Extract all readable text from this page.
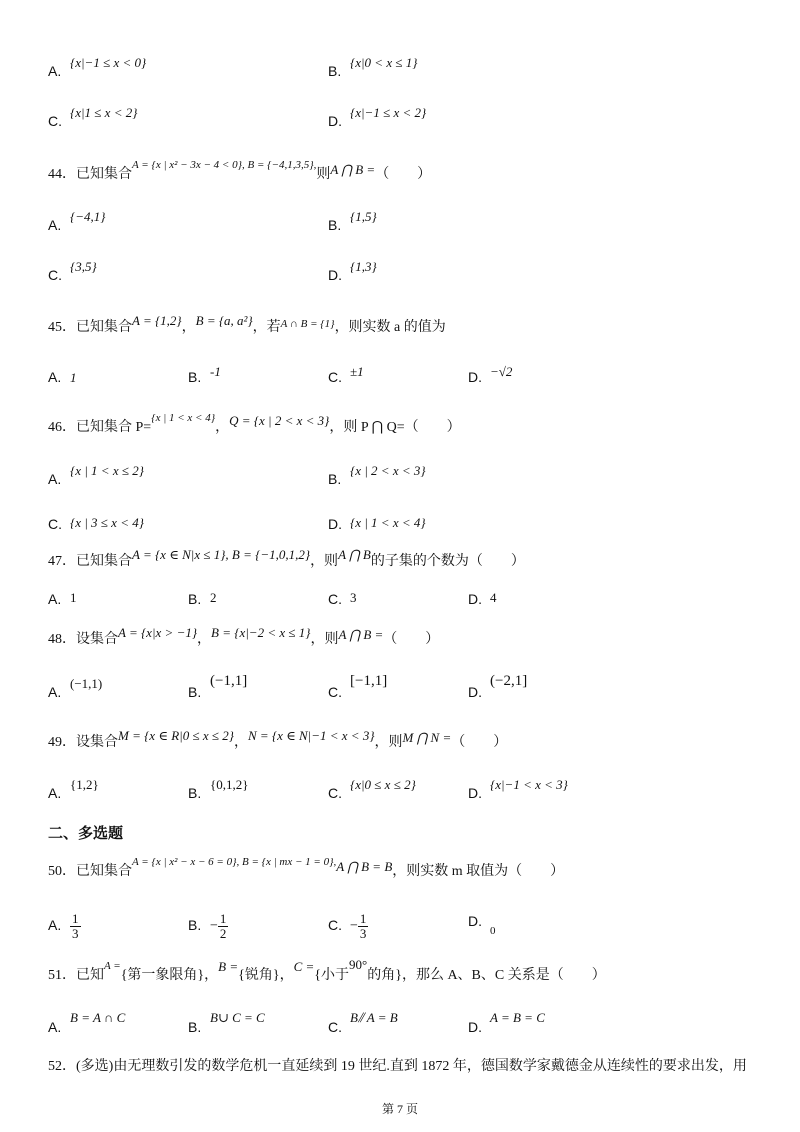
A.{x|−1 ≤ x < 0}
B.{x|0 < x ≤ 1}
C.{x|1 ≤ x < 2}
D.{x|−1 ≤ x < 2}
44．已知集合$^{A = \{x | x^2 - 3x - 4 < 0\}, B = \{-4,1,3,5\},}$则A ⋂ B =（　　）
A.{−4,1}
B.{1,5}
C.{3,5}
D.{1,3}
45．已知集合A = {1,2}，B = {a, a²}，若$^{A \cap B = \{1\}}$，则实数 a 的值为
A. 1	B. -1	C. ±1	D. −√2
46．已知集合 P=$^{\{x | 1 < x < 4\}}$，Q = {x | 2 < x < 3}，则 P ⋂ Q=（　　）
A.{x | 1 < x ≤ 2}
B.{x | 2 < x < 3}
C. {x | 3 ≤ x < 4}	D. {x | 1 < x < 4}
47．已知集合A = {x ∈ N|x ≤ 1}, B = {−1,0,1,2}，则A ⋂ B的子集的个数为（　　）
A. 1	B. 2	C. 3	D. 4
48．设集合A = {x|x > −1}，B = {x|−2 < x ≤ 1}，则A ⋂ B =（　　）
A.(−1,1)
B.(−1,1]
C.[−1,1]
D.(−2,1]
49．设集合M = {x ∈ R|0 ≤ x ≤ 2}，N = {x ∈ N|−1 < x < 3}，则M ⋂ N =（　　）
A.{1,2}
B.{0,1,2}
C.{x|0 ≤ x ≤ 2}
D.{x|−1 < x < 3}
二、多选题
50．已知集合$^{A = \{x | x^2 - x - 6 = 0\}, B = \{x | mx - 1 = 0\},}$A ⋂ B = B，则实数 m 取值为（　　）
A. $\frac{1}{3}$	B. − $\frac{1}{2}$	C. − $\frac{1}{3}$	$D._0$
51．已知$^{A =}${第一象限角}，B ={锐角}，C ={小于90°的角}，那么 A、B、C 关系是（　　）
A.B = A ∩ C
B.B∪ C = C
C.B⫽ A = B
D.A = B = C
52．(多选)由无理数引发的数学危机一直延续到 19 世纪.直到 1872 年，德国数学家戴德金从连续性的要求出发，用
第 7 页
